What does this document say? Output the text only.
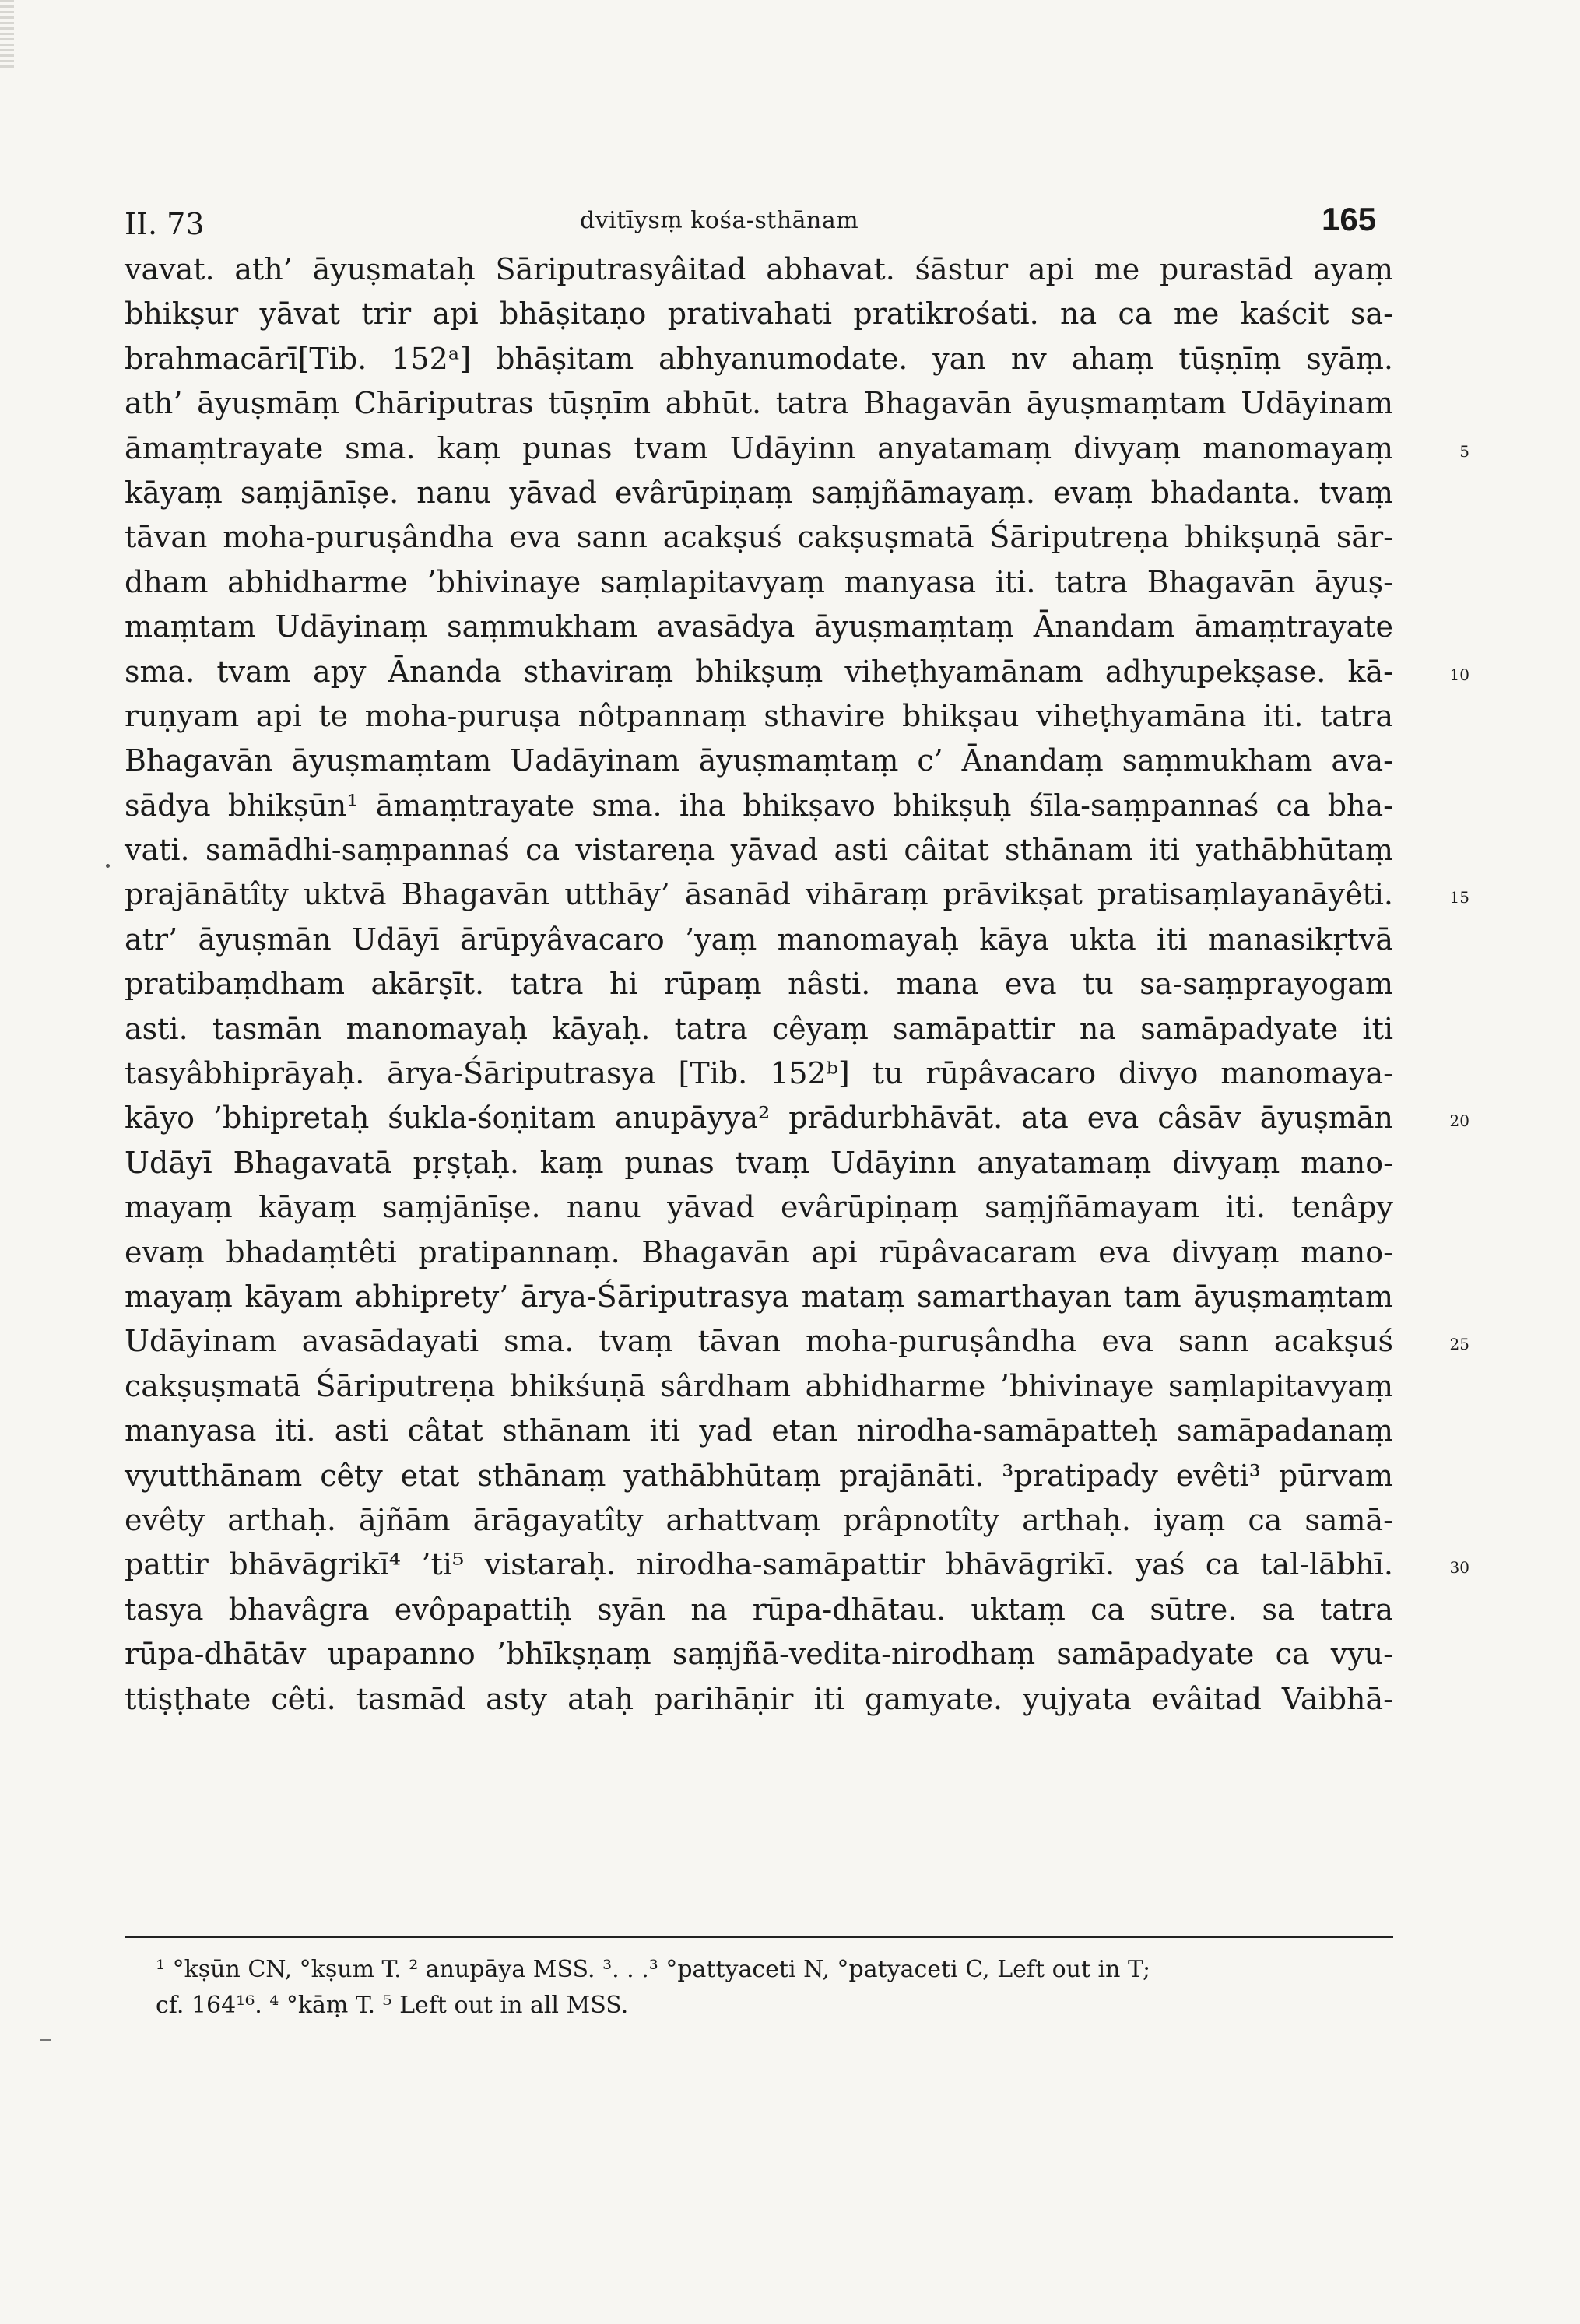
II. 73	dvitīysṃ kośa-sthānam	165
vavat. ath’ āyuṣmataḥ Sāriputrasyâitad abhavat. śāstur api me purastād ayaṃ
bhikṣur yāvat trir api bhāṣitaṇo prativahati pratikrośati. na ca me kaścit sa-
brahmacārī[Tib. 152ᵃ] bhāṣitam abhyanumodate. yan nv ahaṃ tūṣṇīṃ syāṃ.
ath’ āyuṣmāṃ Chāriputras tūṣṇīm abhūt. tatra Bhagavān āyuṣmaṃtam Udāyinam
āmaṃtrayate sma. kaṃ punas tvam Udāyinn anyatamaṃ divyaṃ manomayaṃ	5
kāyaṃ saṃjānīṣe. nanu yāvad evârūpiṇaṃ saṃjñāmayaṃ. evaṃ bhadanta. tvaṃ
tāvan moha-puruṣândha eva sann acakṣuś cakṣuṣmatā Śāriputreṇa bhikṣuṇā sār-
dham abhidharme ’bhivinaye saṃlapitavyaṃ manyasa iti. tatra Bhagavān āyuṣ-
maṃtam Udāyinaṃ saṃmukham avasādya āyuṣmaṃtaṃ Ānandam āmaṃtrayate
sma. tvam apy Ānanda sthaviraṃ bhikṣuṃ viheṭhyamānam adhyupekṣase. kā-	10
ruṇyam api te moha-puruṣa nôtpannaṃ sthavire bhikṣau viheṭhyamāna iti. tatra
Bhagavān āyuṣmaṃtam Uadāyinam āyuṣmaṃtaṃ c’ Ānandaṃ saṃmukham ava-
sādya bhikṣūn¹ āmaṃtrayate sma. iha bhikṣavo bhikṣuḥ śīla-saṃpannaś ca bha-
vati. samādhi-saṃpannaś ca vistareṇa yāvad asti câitat sthānam iti yathābhūtaṃ
prajānātîty uktvā Bhagavān utthāy’ āsanād vihāraṃ prāvikṣat pratisaṃlayanāyêti.	15
atr’ āyuṣmān Udāyī ārūpyâvacaro ’yaṃ manomayaḥ kāya ukta iti manasikṛtvā
pratibaṃdham akārṣīt. tatra hi rūpaṃ nâsti. mana eva tu sa-saṃprayogam
asti. tasmān manomayaḥ kāyaḥ. tatra cêyaṃ samāpattir na samāpadyate iti
tasyâbhiprāyaḥ. ārya-Śāriputrasya [Tib. 152ᵇ] tu rūpâvacaro divyo manomaya-
kāyo ’bhipretaḥ śukla-śoṇitam anupāyya² prādurbhāvāt. ata eva câsāv āyuṣmān	20
Udāyī Bhagavatā pṛṣṭaḥ. kaṃ punas tvaṃ Udāyinn anyatamaṃ divyaṃ mano-
mayaṃ kāyaṃ saṃjānīṣe. nanu yāvad evârūpiṇaṃ saṃjñāmayam iti. tenâpy
evaṃ bhadaṃtêti pratipannaṃ. Bhagavān api rūpâvacaram eva divyaṃ mano-
mayaṃ kāyam abhiprety’ ārya-Śāriputrasya mataṃ samarthayan tam āyuṣmaṃtam
Udāyinam avasādayati sma. tvaṃ tāvan moha-puruṣândha eva sann acakṣuś	25
cakṣuṣmatā Śāriputreṇa bhikśuṇā sârdham abhidharme ’bhivinaye saṃlapitavyaṃ
manyasa iti. asti câtat sthānam iti yad etan nirodha-samāpatteḥ samāpadanaṃ
vyutthānam cêty etat sthānaṃ yathābhūtaṃ prajānāti. ³pratipady evêti³ pūrvam
evêty arthaḥ. ājñām ārāgayatîty arhattvaṃ prâpnotîty arthaḥ. iyaṃ ca samā-
pattir bhāvāgrikī⁴ ’ti⁵ vistaraḥ. nirodha-samāpattir bhāvāgrikī. yaś ca tal-lābhī.	30
tasya bhavâgra evôpapattiḥ syān na rūpa-dhātau. uktaṃ ca sūtre. sa tatra
rūpa-dhātāv upapanno ’bhīkṣṇaṃ saṃjñā-vedita-nirodhaṃ samāpadyate ca vyu-
ttiṣṭhate cêti. tasmād asty ataḥ parihāṇir iti gamyate. yujyata evâitad Vaibhā-
¹ °kṣūn CN, °kṣum T. ² anupāya MSS. ³. . .³ °pattyaceti N, °patyaceti C, Left out in T;
cf. 164¹⁶. ⁴ °kāṃ T. ⁵ Left out in all MSS.
